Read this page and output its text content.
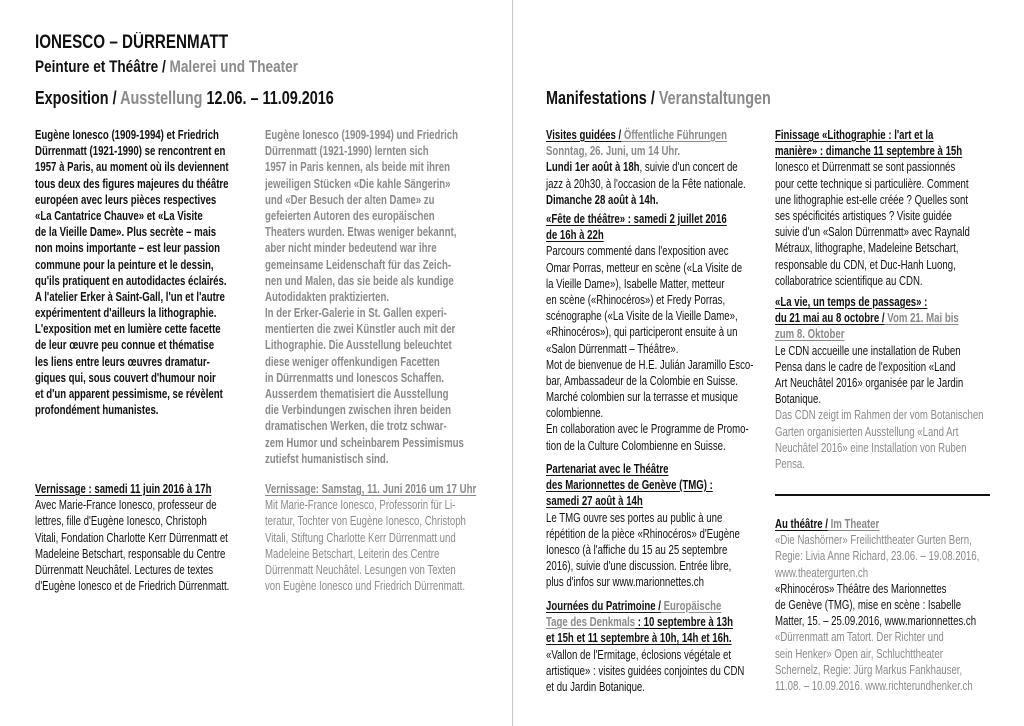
IONESCO – DÜRRENMATT
Peinture et Théâtre / Malerei und Theater
Exposition / Ausstellung 12.06. – 11.09.2016	Manifestations / Veranstaltungen
Eugène Ionesco (1909-1994) et Friedrich
Dürrenmatt (1921-1990) se rencontrent en
1957 à Paris, au moment où ils deviennent
tous deux des figures majeures du théâtre
européen avec leurs pièces respectives
«La Cantatrice Chauve» et «La Visite
de la Vieille Dame». Plus secrète – mais
non moins importante – est leur passion
commune pour la peinture et le dessin,
qu'ils pratiquent en autodidactes éclairés.
A l'atelier Erker à Saint-Gall, l'un et l'autre
expérimentent d'ailleurs la lithographie.
L'exposition met en lumière cette facette
de leur œuvre peu connue et thématise
les liens entre leurs œuvres dramatur-
giques qui, sous couvert d'humour noir
et d'un apparent pessimisme, se révèlent
profondément humanistes.
Vernissage : samedi 11 juin 2016 à 17h
Avec Marie-France Ionesco, professeur de
lettres, fille d'Eugène Ionesco, Christoph
Vitali, Fondation Charlotte Kerr Dürrenmatt et
Madeleine Betschart, responsable du Centre
Dürrenmatt Neuchâtel. Lectures de textes
d'Eugène Ionesco et de Friedrich Dürrenmatt.
Eugène Ionesco (1909-1994) und Friedrich
Dürrenmatt (1921-1990) lernten sich
1957 in Paris kennen, als beide mit ihren
jeweiligen Stücken «Die kahle Sängerin»
und «Der Besuch der alten Dame» zu
gefeierten Autoren des europäischen
Theaters wurden. Etwas weniger bekannt,
aber nicht minder bedeutend war ihre
gemeinsame Leidenschaft für das Zeich-
nen und Malen, das sie beide als kundige
Autodidakten praktizierten.
In der Erker-Galerie in St. Gallen experi-
mentierten die zwei Künstler auch mit der
Lithographie. Die Ausstellung beleuchtet
diese weniger offenkundigen Facetten
in Dürrenmatts und Ionescos Schaffen.
Ausserdem thematisiert die Ausstellung
die Verbindungen zwischen ihren beiden
dramatischen Werken, die trotz schwar-
zem Humor und scheinbarem Pessimismus
zutiefst humanistisch sind.
Vernissage: Samstag, 11. Juni 2016 um 17 Uhr
Mit Marie-France Ionesco, Professorin für Li-
teratur, Tochter von Eugène Ionesco, Christoph
Vitali, Stiftung Charlotte Kerr Dürrenmatt und
Madeleine Betschart, Leiterin des Centre
Dürrenmatt Neuchâtel. Lesungen von Texten
von Eugène Ionesco und Friedrich Dürrenmatt.
Visites guidées / Öffentliche Führungen
Sonntag, 26. Juni, um 14 Uhr.
Lundi 1er août à 18h, suivie d'un concert de
jazz à 20h30, à l'occasion de la Fête nationale.
Dimanche 28 août à 14h.
«Fête de théâtre» : samedi 2 juillet 2016
de 16h à 22h
Parcours commenté dans l'exposition avec
Omar Porras, metteur en scène («La Visite de
la Vieille Dame»), Isabelle Matter, metteur
en scène («Rhinocéros») et Fredy Porras,
scénographe («La Visite de la Vieille Dame»,
«Rhinocéros»), qui participeront ensuite à un
«Salon Dürrenmatt – Théâtre».
Mot de bienvenue de H.E. Julián Jaramillo Esco-
bar, Ambassadeur de la Colombie en Suisse.
Marché colombien sur la terrasse et musique
colombienne.
En collaboration avec le Programme de Promo-
tion de la Culture Colombienne en Suisse.
Partenariat avec le Théâtre
des Marionnettes de Genève (TMG) :
samedi 27 août à 14h
Le TMG ouvre ses portes au public à une
répétition de la pièce «Rhinocéros» d'Eugène
Ionesco (à l'affiche du 15 au 25 septembre
2016), suivie d'une discussion. Entrée libre,
plus d'infos sur www.marionnettes.ch
Journées du Patrimoine / Europäische
Tage des Denkmals : 10 septembre à 13h
et 15h et 11 septembre à 10h, 14h et 16h.
«Vallon de l'Ermitage, éclosions végétale et
artistique» : visites guidées conjointes du CDN
et du Jardin Botanique.
Finissage «Lithographie : l'art et la
manière» : dimanche 11 septembre à 15h
Ionesco et Dürrenmatt se sont passionnés
pour cette technique si particulière. Comment
une lithographie est-elle créée ? Quelles sont
ses spécificités artistiques ? Visite guidée
suivie d'un «Salon Dürrenmatt» avec Raynald
Métraux, lithographe, Madeleine Betschart,
responsable du CDN, et Duc-Hanh Luong,
collaboratrice scientifique au CDN.
«La vie, un temps de passages» :
du 21 mai au 8 octobre / Vom 21. Mai bis
zum 8. Oktober
Le CDN accueille une installation de Ruben
Pensa dans le cadre de l'exposition «Land
Art Neuchâtel 2016» organisée par le Jardin
Botanique.
Das CDN zeigt im Rahmen der vom Botanischen
Garten organisierten Ausstellung «Land Art
Neuchâtel 2016» eine Installation von Ruben
Pensa.
Au théâtre / Im Theater
«Die Nashörner» Freilichttheater Gurten Bern,
Regie: Livia Anne Richard, 23.06. – 19.08.2016,
www.theatergurten.ch
«Rhinocéros» Théâtre des Marionnettes
de Genève (TMG), mise en scène : Isabelle
Matter, 15. – 25.09.2016, www.marionnettes.ch
«Dürrenmatt am Tatort. Der Richter und
sein Henker» Open air, Schluchttheater
Schernelz, Regie: Jürg Markus Fankhauser,
11.08. – 10.09.2016. www.richterundhenker.ch
